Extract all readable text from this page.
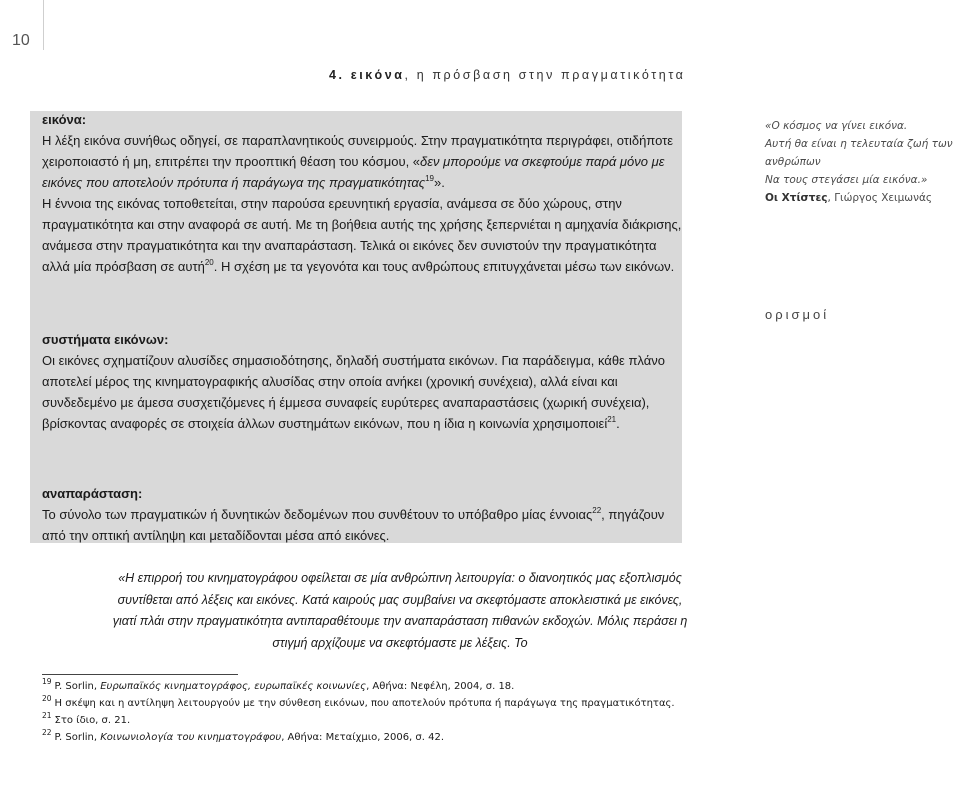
10
4. εικόνα, η πρόσβαση στην πραγματικότητα
εικόνα:

Η λέξη εικόνα συνήθως οδηγεί, σε παραπλανητικούς συνειρμούς. Στην πραγματικότητα περιγράφει, οτιδήποτε χειροποιαστό ή μη, επιτρέπει την προοπτική θέαση του κόσμου, «δεν μπορούμε να σκεφτούμε παρά μόνο με εικόνες που αποτελούν πρότυπα ή παράγωγα της πραγματικότητας$^{19}$».

Η έννοια της εικόνας τοποθετείται, στην παρούσα ερευνητική εργασία, ανάμεσα σε δύο χώρους, στην πραγματικότητα και στην αναφορά σε αυτή. Με τη βοήθεια αυτής της χρήσης ξεπερνιέται η αμηχανία διάκρισης, ανάμεσα στην πραγματικότητα και την αναπαράσταση. Τελικά οι εικόνες δεν συνιστούν την πραγματικότητα αλλά μία πρόσβαση σε αυτή$^{20}$. Η σχέση με τα γεγονότα και τους ανθρώπους επιτυγχάνεται μέσω των εικόνων.

συστήματα εικόνων:

Οι εικόνες σχηματίζουν αλυσίδες σημασιοδότησης, δηλαδή συστήματα εικόνων. Για παράδειγμα, κάθε πλάνο αποτελεί μέρος της κινηματογραφικής αλυσίδας στην οποία ανήκει (χρονική συνέχεια), αλλά είναι και συνδεδεμένο με άμεσα συσχετιζόμενες ή έμμεσα συναφείς ευρύτερες αναπαραστάσεις (χωρική συνέχεια), βρίσκοντας αναφορές σε στοιχεία άλλων συστημάτων εικόνων, που η ίδια η κοινωνία χρησιμοποιεί$^{21}$.

αναπαράσταση:

Το σύνολο των πραγματικών ή δυνητικών δεδομένων που συνθέτουν το υπόβαθρο μίας έννοιας$^{22}$, πηγάζουν από την οπτική αντίληψη και μεταδίδονται μέσα από εικόνες.

«Ο κόσμος να γίνει εικόνα.
Αυτή θα είναι η τελευταία ζωή των ανθρώπων
Να τους στεγάσει μία εικόνα.»
Οι Χτίστες, Γιώργος Χειμωνάς
ορισμοί
«Η επιρροή του κινηματογράφου οφείλεται σε μία ανθρώπινη λειτουργία: ο διανοητικός μας εξοπλισμός συντίθεται από λέξεις και εικόνες. Κατά καιρούς μας συμβαίνει να σκεφτόμαστε αποκλειστικά με εικόνες, γιατί πλάι στην πραγματικότητα αντιπαραθέτουμε την αναπαράσταση πιθανών εκδοχών. Μόλις περάσει η στιγμή αρχίζουμε να σκεφτόμαστε με λέξεις. Το
$^{19}$ P. Sorlin, Ευρωπαϊκός κινηματογράφος, ευρωπαϊκές κοινωνίες, Αθήνα: Νεφέλη, 2004, σ. 18.
$^{20}$ Η σκέψη και η αντίληψη λειτουργούν με την σύνθεση εικόνων, που αποτελούν πρότυπα ή παράγωγα της πραγματικότητας.
$^{21}$ Στο ίδιο, σ. 21.
$^{22}$ P. Sorlin, Κοινωνιολογία του κινηματογράφου, Αθήνα: Μεταίχμιο, 2006, σ. 42.
